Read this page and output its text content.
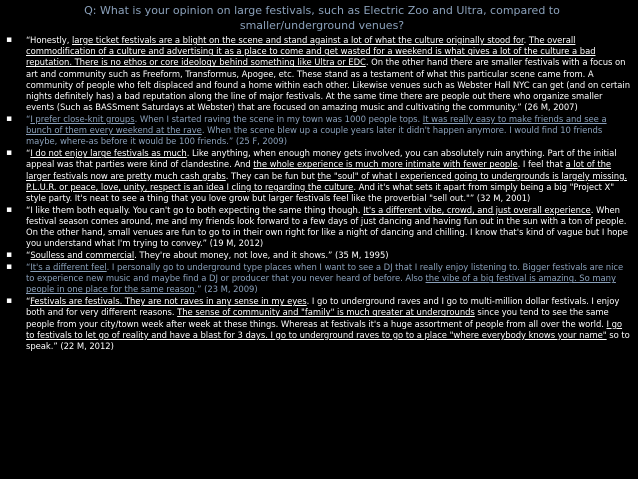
Q: What is your opinion on large festivals, such as Electric Zoo and Ultra, compared to smaller/underground venues?
▪ “Honestly, large ticket festivals are a blight on the scene and stand against a lot of what the culture originally stood for. The overall commodification of a culture and advertising it as a place to come and get wasted for a weekend is what gives a lot of the culture a bad reputation. There is no ethos or core ideology behind something like Ultra or EDC. On the other hand there are smaller festivals with a focus on art and community such as Freeform, Transformus, Apogee, etc. These stand as a testament of what this particular scene came from. A community of people who felt displaced and found a home within each other. Likewise venues such as Webster Hall NYC can get (and on certain nights definitely has) a bad reputation along the line of major festivals. At the same time there are people out there who organize smaller events (Such as BASSment Saturdays at Webster) that are focused on amazing music and cultivating the community.” (26 M, 2007)
▪ “I prefer close-knit groups. When I started raving the scene in my town was 1000 people tops. It was really easy to make friends and see a bunch of them every weekend at the rave. When the scene blew up a couple years later it didn't happen anymore. I would find 10 friends maybe, where-as before it would be 100 friends.” (25 F, 2009)
▪ “I do not enjoy large festivals as much. Like anything, when enough money gets involved, you can absolutely ruin anything. Part of the initial appeal was that parties were kind of clandestine. And the whole experience is much more intimate with fewer people. I feel that a lot of the larger festivals now are pretty much cash grabs. They can be fun but the "soul" of what I experienced going to undergrounds is largely missing. P.L.U.R. or peace, love, unity, respect is an idea I cling to regarding the culture. And it's what sets it apart from simply being a big "Project X" style party. It's neat to see a thing that you love grow but larger festivals feel like the proverbial "sell out."” (32 M, 2001)
▪ “I like them both equally. You can't go to both expecting the same thing though. It's a different vibe, crowd, and just overall experience. When festival season comes around, me and my friends look forward to a few days of just dancing and having fun out in the sun with a ton of people. On the other hand, small venues are fun to go to in their own right for like a night of dancing and chilling. I know that's kind of vague but I hope you understand what I'm trying to convey.” (19 M, 2012)
▪ “Soulless and commercial. They're about money, not love, and it shows.” (35 M, 1995)
▪ “It's a different feel. I personally go to underground type places when I want to see a DJ that I really enjoy listening to. Bigger festivals are nice to experience new music and maybe find a DJ or producer that you never heard of before. Also the vibe of a big festival is amazing. So many people in one place for the same reason.” (23 M, 2009)
▪ “Festivals are festivals. They are not raves in any sense in my eyes. I go to underground raves and I go to multi-million dollar festivals. I enjoy both and for very different reasons. The sense of community and "family" is much greater at undergrounds since you tend to see the same people from your city/town week after week at these things. Whereas at festivals it's a huge assortment of people from all over the world. I go to festivals to let go of reality and have a blast for 3 days. I go to underground raves to go to a place "where everybody knows your name" so to speak.” (22 M, 2012)
